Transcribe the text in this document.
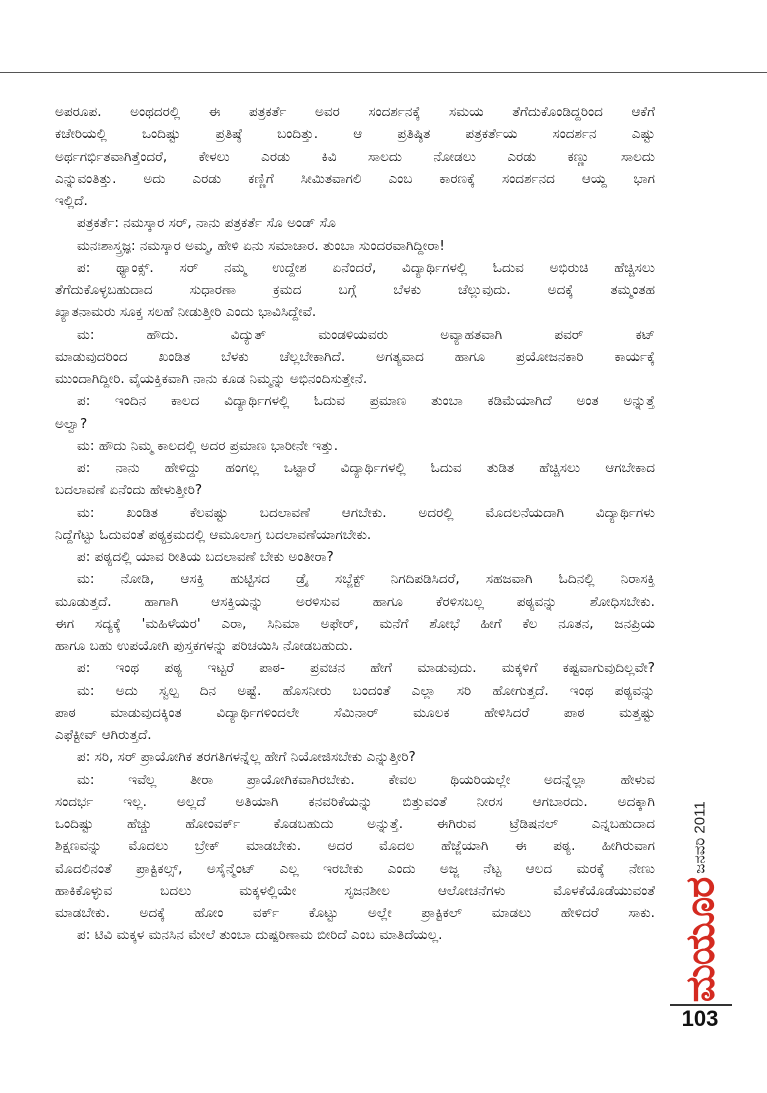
ಅಪರೂಪ. ಅಂಥದರಲ್ಲಿ ಈ ಪತ್ರಕರ್ತೆ ಅವರ ಸಂದರ್ಶನಕ್ಕೆ ಸಮಯ ತೆಗೆದುಕೊಂಡಿದ್ದರಿಂದ ಆಕೆಗೆ
ಕಚೇರಿಯಲ್ಲಿ ಒಂದಿಷ್ಟು ಪ್ರತಿಷ್ಠೆ ಬಂದಿತ್ತು. ಆ ಪ್ರತಿಷ್ಠಿತ ಪತ್ರಕರ್ತೆಯ ಸಂದರ್ಶನ ಎಷ್ಟು
ಅರ್ಥಗರ್ಭಿತವಾಗಿತ್ತೆಂದರೆ, ಕೇಳಲು ಎರಡು ಕಿವಿ ಸಾಲದು ನೋಡಲು ಎರಡು ಕಣ್ಣು ಸಾಲದು
ಎನ್ನುವಂತಿತ್ತು. ಅದು ಎರಡು ಕಣ್ಣಿಗೆ ಸೀಮಿತವಾಗಲಿ ಎಂಬ ಕಾರಣಕ್ಕೆ ಸಂದರ್ಶನದ ಆಯ್ದ ಭಾಗ
ಇಲ್ಲಿದೆ.
ಪತ್ರಕರ್ತೆ: ನಮಸ್ಕಾರ ಸರ್, ನಾನು ಪತ್ರಕರ್ತೆ ಸೊ ಅಂಡ್ ಸೊ
ಮನಃಶಾಸ್ತ್ರಜ್ಞ: ನಮಸ್ಕಾರ ಅಮ್ಮ, ಹೇಳಿ ಏನು ಸಮಾಚಾರ. ತುಂಬಾ ಸುಂದರವಾಗಿದ್ದೀರಾ!
ಪ: ಥ್ಯಾಂಕ್ಸ್. ಸರ್ ನಮ್ಮ ಉದ್ದೇಶ ಏನೆಂದರೆ, ವಿದ್ಯಾರ್ಥಿಗಳಲ್ಲಿ ಓದುವ ಅಭಿರುಚಿ ಹೆಚ್ಚಿಸಲು
ತೆಗೆದುಕೊಳ್ಳಬಹುದಾದ ಸುಧಾರಣಾ ಕ್ರಮದ ಬಗ್ಗೆ ಬೆಳಕು ಚೆಲ್ಲುವುದು. ಅದಕ್ಕೆ ತಮ್ಮಂತಹ
ಖ್ಯಾತನಾಮರು ಸೂಕ್ತ ಸಲಹೆ ನೀಡುತ್ತೀರಿ ಎಂದು ಭಾವಿಸಿದ್ದೇವೆ.
ಮ: ಹೌದು. ವಿದ್ಯುತ್ ಮಂಡಳಿಯವರು ಅವ್ಯಾಹತವಾಗಿ ಪವರ್ ಕಟ್
ಮಾಡುವುದರಿಂದ ಖಂಡಿತ ಬೆಳಕು ಚೆಲ್ಲಬೇಕಾಗಿದೆ. ಅಗತ್ಯವಾದ ಹಾಗೂ ಪ್ರಯೋಜನಕಾರಿ ಕಾರ್ಯಕ್ಕೆ
ಮುಂದಾಗಿದ್ದೀರಿ. ವೈಯಕ್ತಿಕವಾಗಿ ನಾನು ಕೂಡ ನಿಮ್ಮನ್ನು ಅಭಿನಂದಿಸುತ್ತೇನೆ.
ಪ: ಇಂದಿನ ಕಾಲದ ವಿದ್ಯಾರ್ಥಿಗಳಲ್ಲಿ ಓದುವ ಪ್ರಮಾಣ ತುಂಬಾ ಕಡಿಮೆಯಾಗಿದೆ ಅಂತ ಅನ್ನುತ್ತೆ
ಅಲ್ವಾ?
ಮ: ಹೌದು ನಿಮ್ಮ ಕಾಲದಲ್ಲಿ ಅದರ ಪ್ರಮಾಣ ಭಾರೀನೇ ಇತ್ತು.
ಪ: ನಾನು ಹೇಳಿದ್ದು ಹಂಗಲ್ಲ ಒಟ್ಟಾರೆ ವಿದ್ಯಾರ್ಥಿಗಳಲ್ಲಿ ಓದುವ ತುಡಿತ ಹೆಚ್ಚಿಸಲು ಆಗಬೇಕಾದ
ಬದಲಾವಣೆ ಏನೆಂದು ಹೇಳುತ್ತೀರಿ?
ಮ: ಖಂಡಿತ ಕೆಲವಷ್ಟು ಬದಲಾವಣೆ ಆಗಬೇಕು. ಅದರಲ್ಲಿ ಮೊದಲನೆಯದಾಗಿ ವಿದ್ಯಾರ್ಥಿಗಳು
ನಿದ್ದೆಗೆಟ್ಟು ಓದುವಂತೆ ಪಠ್ಯಕ್ರಮದಲ್ಲಿ ಆಮೂಲಾಗ್ರ ಬದಲಾವಣೆಯಾಗಬೇಕು.
ಪ: ಪಠ್ಯದಲ್ಲಿ ಯಾವ ರೀತಿಯ ಬದಲಾವಣೆ ಬೇಕು ಅಂತೀರಾ?
ಮ: ನೋಡಿ, ಆಸಕ್ತಿ ಹುಟ್ಟಿಸದ ಡ್ರೈ ಸಬ್ಜೆಕ್ಟ್ ನಿಗದಿಪಡಿಸಿದರೆ, ಸಹಜವಾಗಿ ಓದಿನಲ್ಲಿ ನಿರಾಸಕ್ತಿ
ಮೂಡುತ್ತದೆ. ಹಾಗಾಗಿ ಆಸಕ್ತಿಯನ್ನು ಅರಳಿಸುವ ಹಾಗೂ ಕೆರಳಿಸಬಲ್ಲ ಪಠ್ಯವನ್ನು ಶೋಧಿಸಬೇಕು.
ಈಗ ಸದ್ಯಕ್ಕೆ 'ಮಹಿಳೆಯರ' ಎರಾ, ಸಿನಿಮಾ ಅಫೇರ್, ಮನೆಗೆ ಶೋಭೆ ಹೀಗೆ ಕೆಲ ನೂತನ, ಜನಪ್ರಿಯ
ಹಾಗೂ ಬಹು ಉಪಯೋಗಿ ಪುಸ್ತಕಗಳನ್ನು ಪರಿಚಯಿಸಿ ನೋಡಬಹುದು.
ಪ: ಇಂಥ ಪಠ್ಯ ಇಟ್ಟರೆ ಪಾಠ- ಪ್ರವಚನ ಹೇಗೆ ಮಾಡುವುದು. ಮಕ್ಕಳಿಗೆ ಕಷ್ಟವಾಗುವುದಿಲ್ಲವೇ?
ಮ: ಅದು ಸ್ವಲ್ಪ ದಿನ ಅಷ್ಟೆ. ಹೊಸನೀರು ಬಂದಂತೆ ಎಲ್ಲಾ ಸರಿ ಹೋಗುತ್ತದೆ. ಇಂಥ ಪಠ್ಯವನ್ನು
ಪಾಠ ಮಾಡುವುದಕ್ಕಿಂತ ವಿದ್ಯಾರ್ಥಿಗಳಿಂದಲೇ ಸೆಮಿನಾರ್ ಮೂಲಕ ಹೇಳಿಸಿದರೆ ಪಾಠ ಮತ್ತಷ್ಟು
ಎಫೆಕ್ಟೀವ್ ಆಗಿರುತ್ತದೆ.
ಪ: ಸರಿ, ಸರ್ ಪ್ರಾಯೋಗಿಕ ತರಗತಿಗಳನ್ನೆಲ್ಲ ಹೇಗೆ ನಿಯೋಜಿಸಬೇಕು ಎನ್ನುತ್ತೀರಿ?
ಮ: ಇವೆಲ್ಲ ತೀರಾ ಪ್ರಾಯೋಗಿಕವಾಗಿರಬೇಕು. ಕೇವಲ ಥಿಯರಿಯಲ್ಲೇ ಅದನ್ನೆಲ್ಲಾ ಹೇಳುವ
ಸಂದರ್ಭ ಇಲ್ಲ. ಅಲ್ಲದೆ ಅತಿಯಾಗಿ ಕನವರಿಕೆಯನ್ನು ಬಿತ್ತುವಂತೆ ನೀರಸ ಆಗಬಾರದು. ಅದಕ್ಕಾಗಿ
ಒಂದಿಷ್ಟು ಹೆಚ್ಚು ಹೋಂವರ್ಕ್ ಕೊಡಬಹುದು ಅನ್ನುತ್ತೆ. ಈಗಿರುವ ಟ್ರೆಡಿಷನಲ್ ಎನ್ನಬಹುದಾದ
ಶಿಕ್ಷಣವನ್ನು ಮೊದಲು ಬ್ರೇಕ್ ಮಾಡಬೇಕು. ಅದರ ಮೊದಲ ಹೆಜ್ಜೆಯಾಗಿ ಈ ಪಠ್ಯ. ಹೀಗಿರುವಾಗ
ಮೊದಲಿನಂತೆ ಪ್ರಾಕ್ಟಿಕಲ್ಸ್, ಅಸೈನ್ಮೆಂಟ್ ಎಲ್ಲ ಇರಬೇಕು ಎಂದು ಅಜ್ಜ ನೆಟ್ಟ ಆಲದ ಮರಕ್ಕೆ ನೇಣು
ಹಾಕಿಕೊಳ್ಳುವ ಬದಲು ಮಕ್ಕಳಲ್ಲಿಯೇ ಸೃಜನಶೀಲ ಆಲೋಚನೆಗಳು ಮೊಳಕೆಯೊಡೆಯುವಂತೆ
ಮಾಡಬೇಕು. ಅದಕ್ಕೆ ಹೋಂ ವರ್ಕ್ ಕೊಟ್ಟು ಅಲ್ಲೇ ಪ್ರಾಕ್ಟಿಕಲ್ ಮಾಡಲು ಹೇಳಿದರೆ ಸಾಕು.
ಪ: ಟಿವಿ ಮಕ್ಕಳ ಮನಸಿನ ಮೇಲೆ ತುಂಬಾ ದುಷ್ಪರಿಣಾಮ ಬೀರಿದೆ ಎಂಬ ಮಾತಿದೆಯಲ್ಲ.
ಜನವರಿ 2011
ಮಯೂರ
103
